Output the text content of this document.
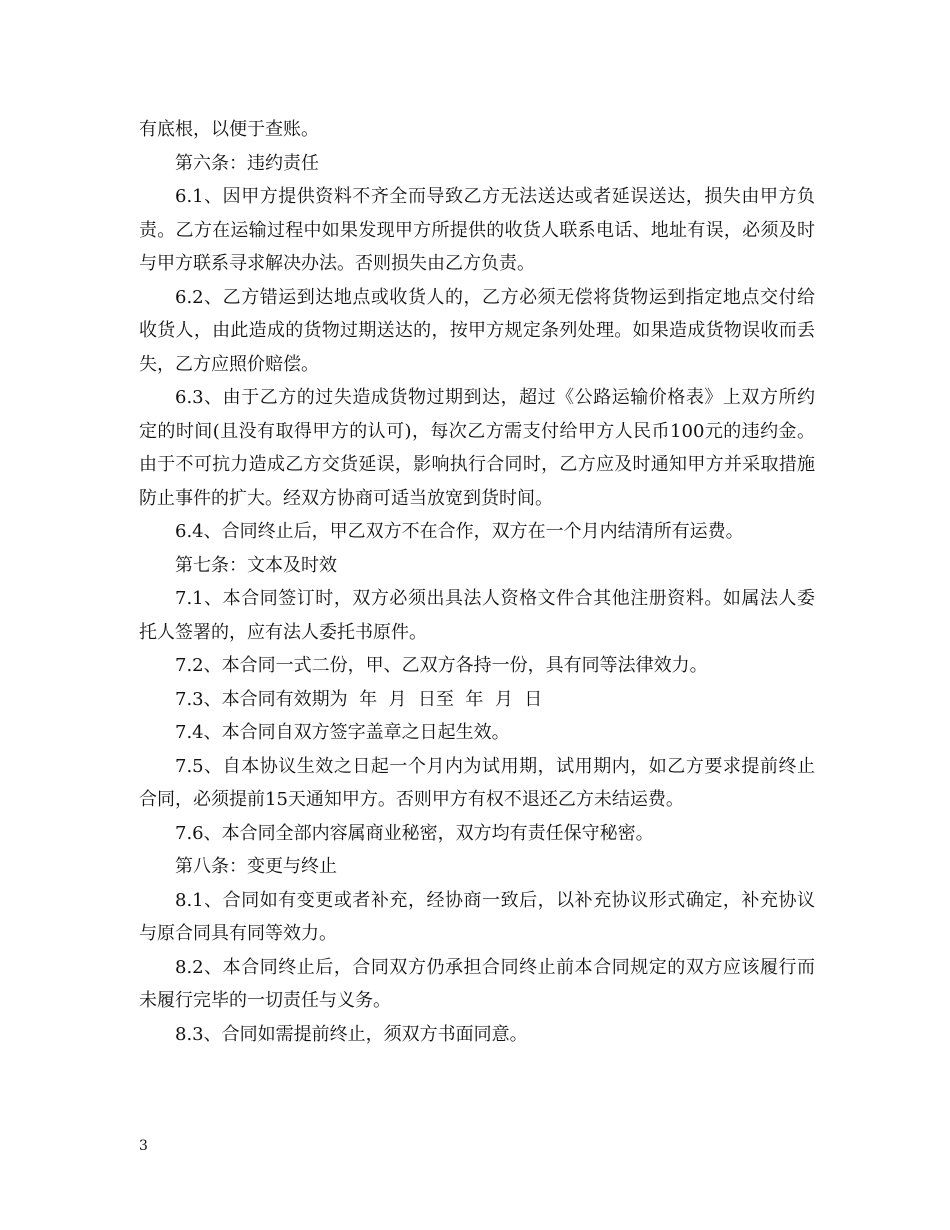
有底根，以便于查账。

第六条：违约责任

6.1、因甲方提供资料不齐全而导致乙方无法送达或者延误送达，损失由甲方负责。乙方在运输过程中如果发现甲方所提供的收货人联系电话、地址有误，必须及时与甲方联系寻求解决办法。否则损失由乙方负责。

6.2、乙方错运到达地点或收货人的，乙方必须无偿将货物运到指定地点交付给收货人，由此造成的货物过期送达的，按甲方规定条列处理。如果造成货物误收而丢失，乙方应照价赔偿。

6.3、由于乙方的过失造成货物过期到达，超过《公路运输价格表》上双方所约定的时间(且没有取得甲方的认可)，每次乙方需支付给甲方人民币100元的违约金。由于不可抗力造成乙方交货延误，影响执行合同时，乙方应及时通知甲方并采取措施防止事件的扩大。经双方协商可适当放宽到货时间。

6.4、合同终止后，甲乙双方不在合作，双方在一个月内结清所有运费。

第七条：文本及时效

7.1、本合同签订时，双方必须出具法人资格文件合其他注册资料。如属法人委托人签署的，应有法人委托书原件。

7.2、本合同一式二份，甲、乙双方各持一份，具有同等法律效力。

7.3、本合同有效期为  年  月  日至  年  月  日

7.4、本合同自双方签字盖章之日起生效。

7.5、自本协议生效之日起一个月内为试用期，试用期内，如乙方要求提前终止合同，必须提前15天通知甲方。否则甲方有权不退还乙方未结运费。

7.6、本合同全部内容属商业秘密，双方均有责任保守秘密。

第八条：变更与终止

8.1、合同如有变更或者补充，经协商一致后，以补充协议形式确定，补充协议与原合同具有同等效力。

8.2、本合同终止后，合同双方仍承担合同终止前本合同规定的双方应该履行而未履行完毕的一切责任与义务。

8.3、合同如需提前终止，须双方书面同意。

3
